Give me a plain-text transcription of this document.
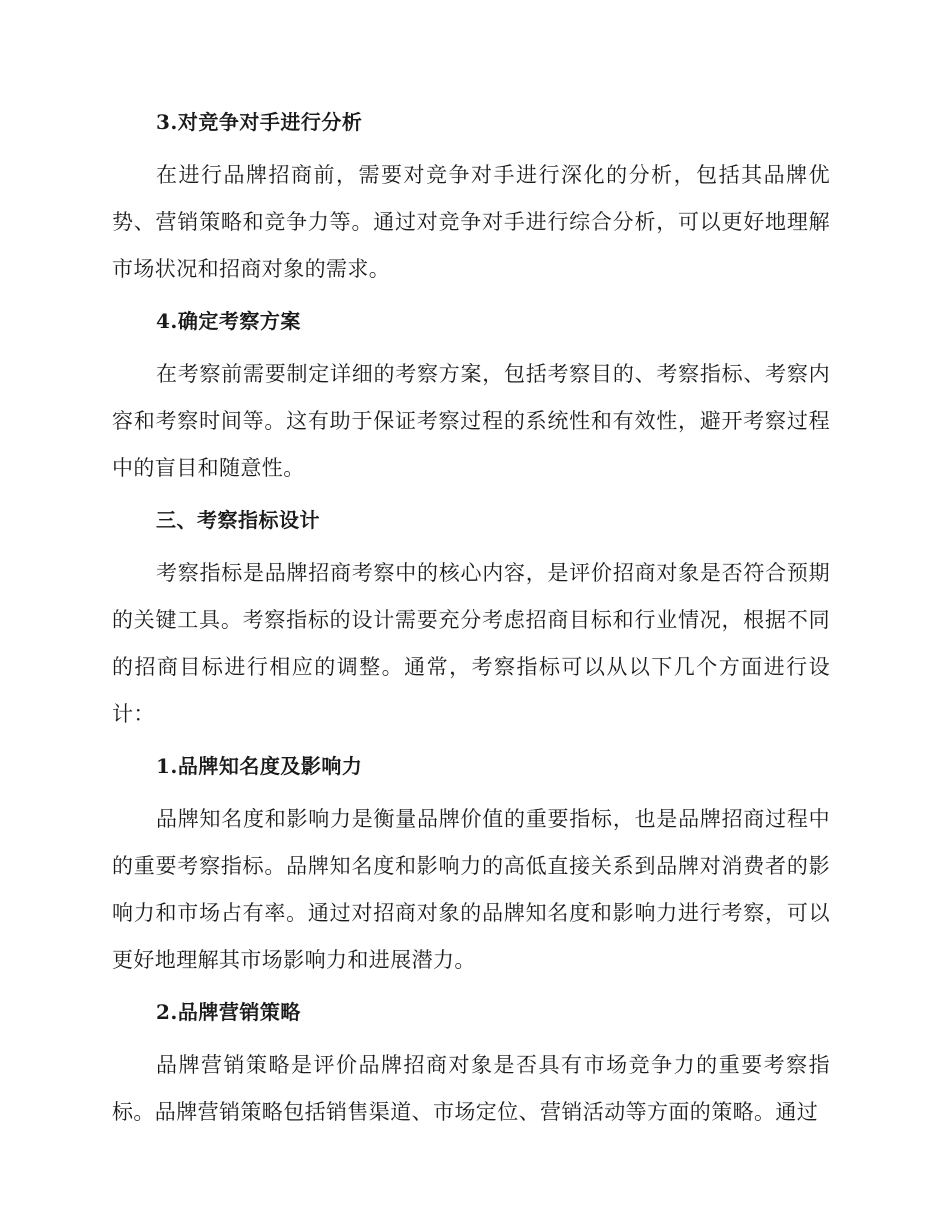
3.对竞争对手进行分析
在进行品牌招商前，需要对竞争对手进行深化的分析，包括其品牌优势、营销策略和竞争力等。通过对竞争对手进行综合分析，可以更好地理解市场状况和招商对象的需求。
4.确定考察方案
在考察前需要制定详细的考察方案，包括考察目的、考察指标、考察内容和考察时间等。这有助于保证考察过程的系统性和有效性，避开考察过程中的盲目和随意性。
三、考察指标设计
考察指标是品牌招商考察中的核心内容，是评价招商对象是否符合预期的关键工具。考察指标的设计需要充分考虑招商目标和行业情况，根据不同的招商目标进行相应的调整。通常，考察指标可以从以下几个方面进行设计：
1.品牌知名度及影响力
品牌知名度和影响力是衡量品牌价值的重要指标，也是品牌招商过程中的重要考察指标。品牌知名度和影响力的高低直接关系到品牌对消费者的影响力和市场占有率。通过对招商对象的品牌知名度和影响力进行考察，可以更好地理解其市场影响力和进展潜力。
2.品牌营销策略
品牌营销策略是评价品牌招商对象是否具有市场竞争力的重要考察指标。品牌营销策略包括销售渠道、市场定位、营销活动等方面的策略。通过
